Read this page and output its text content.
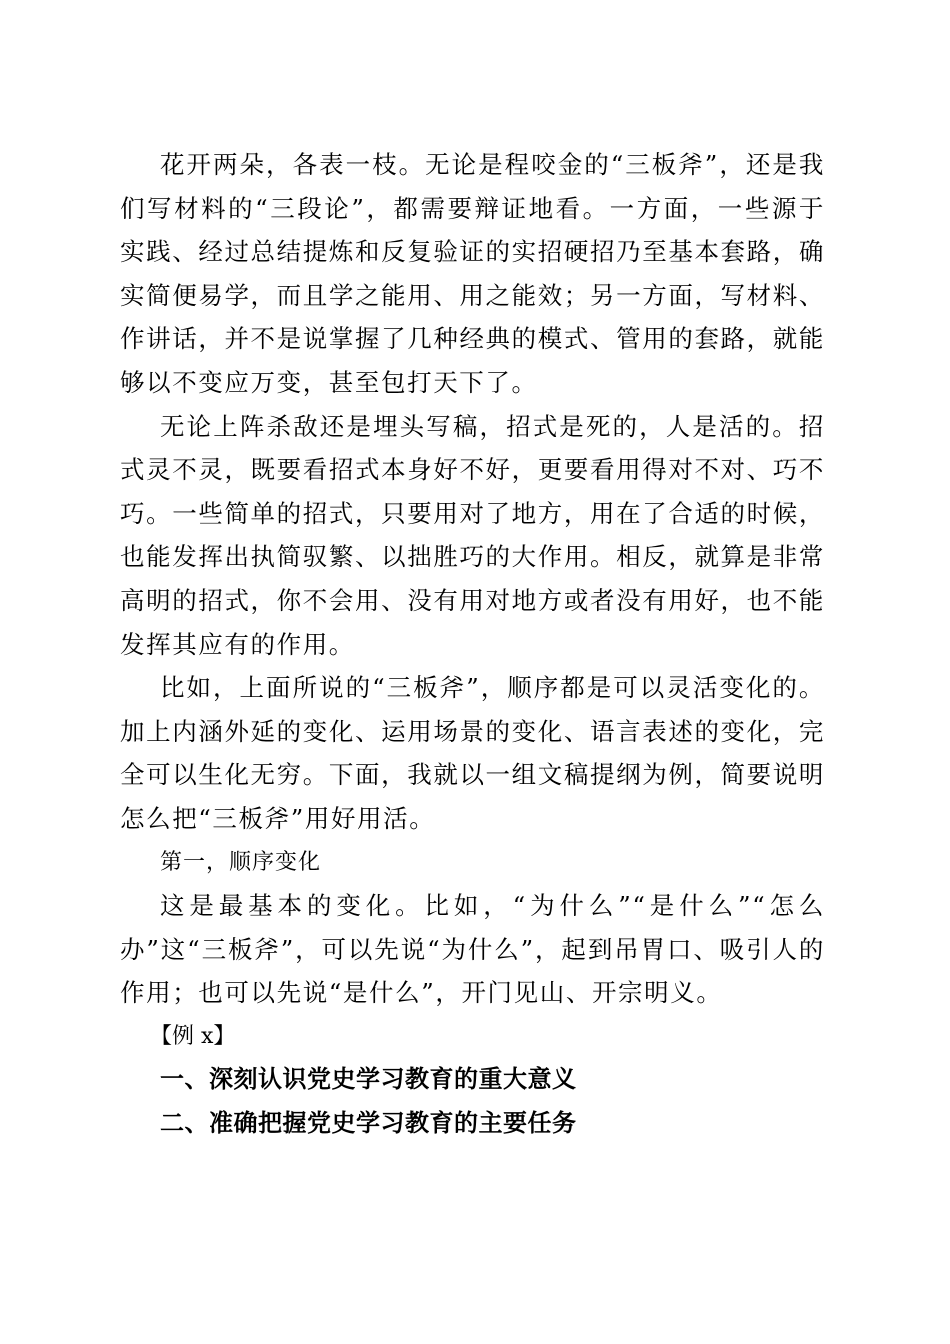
花开两朵，各表一枝。无论是程咬金的“三板斧”，还是我们写材料的“三段论”，都需要辩证地看。一方面，一些源于实践、经过总结提炼和反复验证的实招硬招乃至基本套路，确实简便易学，而且学之能用、用之能效；另一方面，写材料、作讲话，并不是说掌握了几种经典的模式、管用的套路，就能够以不变应万变，甚至包打天下了。

无论上阵杀敌还是埋头写稿，招式是死的，人是活的。招式灵不灵，既要看招式本身好不好，更要看用得对不对、巧不巧。一些简单的招式，只要用对了地方，用在了合适的时候，也能发挥出执简驭繁、以拙胜巧的大作用。相反，就算是非常高明的招式，你不会用、没有用对地方或者没有用好，也不能发挥其应有的作用。

比如，上面所说的“三板斧”，顺序都是可以灵活变化的。加上内涵外延的变化、运用场景的变化、语言表述的变化，完全可以生化无穷。下面，我就以一组文稿提纲为例，简要说明怎么把“三板斧”用好用活。

第一，顺序变化

这是最基本的变化。比如，“为什么”“是什么”“怎么办”这“三板斧”，可以先说“为什么”，起到吊胃口、吸引人的作用；也可以先说“是什么”，开门见山、开宗明义。

【例 x】

一、深刻认识党史学习教育的重大意义

二、准确把握党史学习教育的主要任务
